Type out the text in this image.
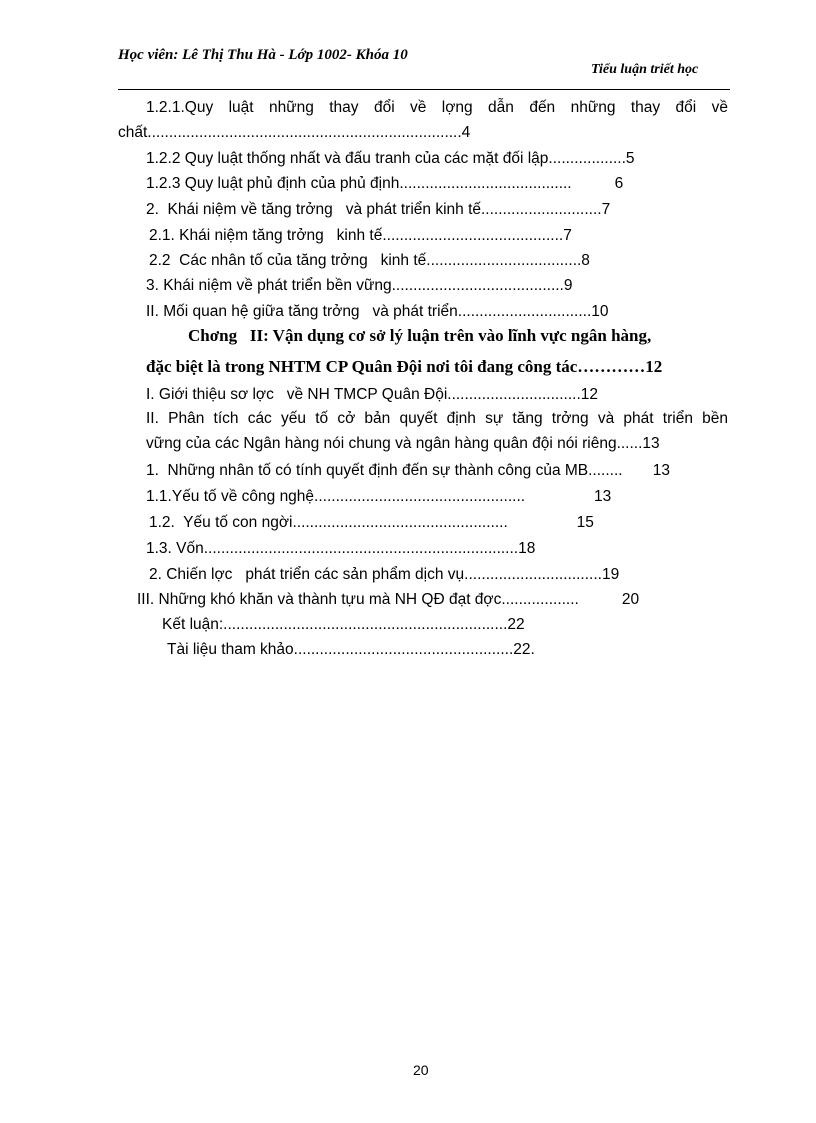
Học viên: Lê Thị Thu Hà - Lớp 1002- Khóa 10
Tiểu luận triết học
1.2.1.Quy luật những thay đổi về lợng dẫn đến những thay đổi về
chất.........................................................................4
1.2.2 Quy luật thống nhất và đấu tranh của các mặt đối lập..................5
1.2.3 Quy luật phủ định của phủ định........................................          6
2.  Khái niệm về tăng trởng   và phát triển kinh tế............................7
2.1. Khái niệm tăng trởng   kinh tế..........................................7
2.2  Các nhân tố của tăng trởng   kinh tế....................................8
3. Khái niệm về phát triển bền vững........................................9
II. Mối quan hệ giữa tăng trởng   và phát triển...............................10
Chơng   II: Vận dụng cơ sở lý luận trên vào lĩnh vực ngân hàng,
đặc biệt là trong NHTM CP Quân Đội nơi tôi đang công tác…………12
I. Giới thiệu sơ lợc   về NH TMCP Quân Đội...............................12
II. Phân tích các yếu tố cở bản quyết định sự tăng trởng và phát triển bền
vững của các Ngân hàng nói chung và ngân hàng quân đội nói riêng......13
1.  Những nhân tố có tính quyết định đến sự thành công của MB........       13
1.1.Yếu tố về công nghệ.................................................                13
1.2.  Yếu tố con ngời..................................................                15
1.3. Vốn.........................................................................18
2. Chiến lợc   phát triển các sản phẩm dịch vụ................................19
III. Những khó khăn và thành tựu mà NH QĐ đạt đợc..................          20
Kết luận:..................................................................22
Tài liệu tham khảo...................................................22.
20
